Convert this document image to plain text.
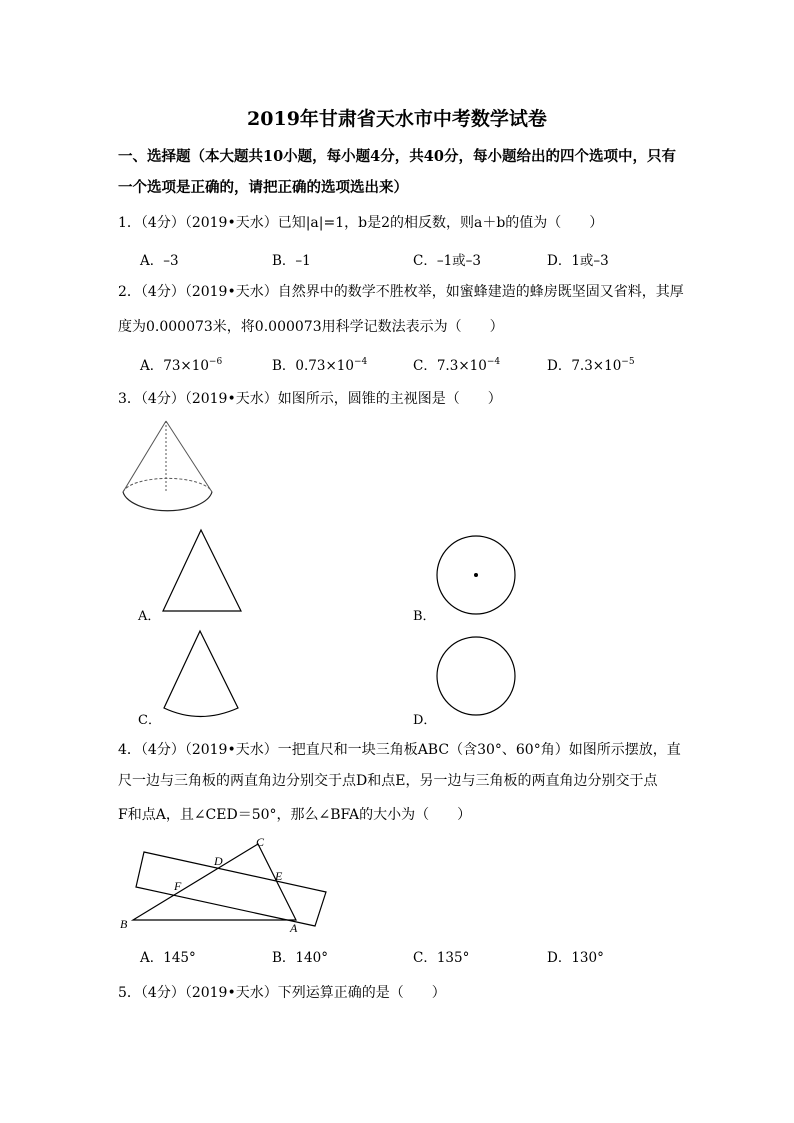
2019年甘肃省天水市中考数学试卷
一、选择题（本大题共10小题，每小题4分，共40分，每小题给出的四个选项中，只有
一个选项是正确的，请把正确的选项选出来）
1．（4分）（2019•天水）已知|a|=1，b是2的相反数，则a＋b的值为（　　）
A．–3	B．–1	C．–1或–3	D．1或–3
2．（4分）（2019•天水）自然界中的数学不胜枚举，如蜜蜂建造的蜂房既坚固又省料，其厚
度为0.000073米，将0.000073用科学记数法表示为（　　）
A．$73\times 10^{-6}$	B．$0.73\times 10^{-4}$	C．$7.3\times 10^{-4}$	D．$7.3\times 10^{-5}$
3．（4分）（2019•天水）如图所示，圆锥的主视图是（　　）
A．	B．
C．	D．
4．（4分）（2019•天水）一把直尺和一块三角板ABC（含30°、60°角）如图所示摆放，直
尺一边与三角板的两直角边分别交于点D和点E，另一边与三角板的两直角边分别交于点
F和点A，且∠CED＝50°，那么∠BFA的大小为（　　）
C
D
E
F
B	A
A．145°	B．140°	C．135°	D．130°
5．（4分）（2019•天水）下列运算正确的是（　　）
